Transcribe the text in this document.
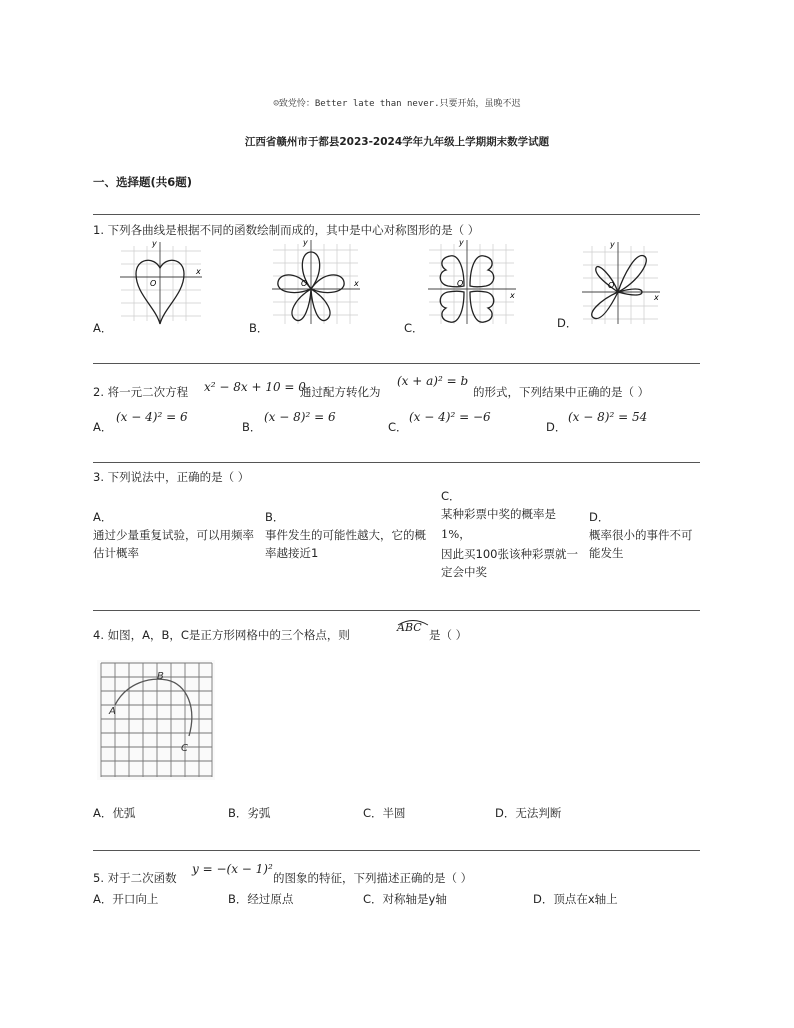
☺致党怜：Better late than never.只要开始，虽晚不迟
江西省赣州市于都县2023-2024学年九年级上学期期末数学试题
一、选择题(共6题)
1. 下列各曲线是根据不同的函数绘制而成的，其中是中心对称图形的是（ ）
A．
O
x
y
B．
O	x
y
C．
O
x
y
D．
O
x
y
2. 将一元二次方程 x² − 8x + 10 = 0
通过配方转化为
(x + a)² = b
的形式，下列结果中正确的是（ ）
A．
(x − 4)² = 6
B．
(x − 8)² = 6
C．
(x − 4)² = −6
D．
(x − 8)² = 54
3. 下列说法中，正确的是（ ）
A．
通过少量重复试验，可以用频率估计概率
B．
事件发生的可能性越大，它的概率越接近1
C．
某种彩票中奖的概率是
1%，
因此买100张该种彩票就一定会中奖
D．
概率很小的事件不可能发生
4. 如图，A，B，C是正方形网格中的三个格点，则
ABC
是（ ）
A
B
C
A．优弧	B．劣弧	C．半圆	D．无法判断
5. 对于二次函数
y = −(x − 1)²
的图象的特征，下列描述正确的是（ ）
A．开口向上	B．经过原点	C．对称轴是y轴	D．顶点在x轴上
